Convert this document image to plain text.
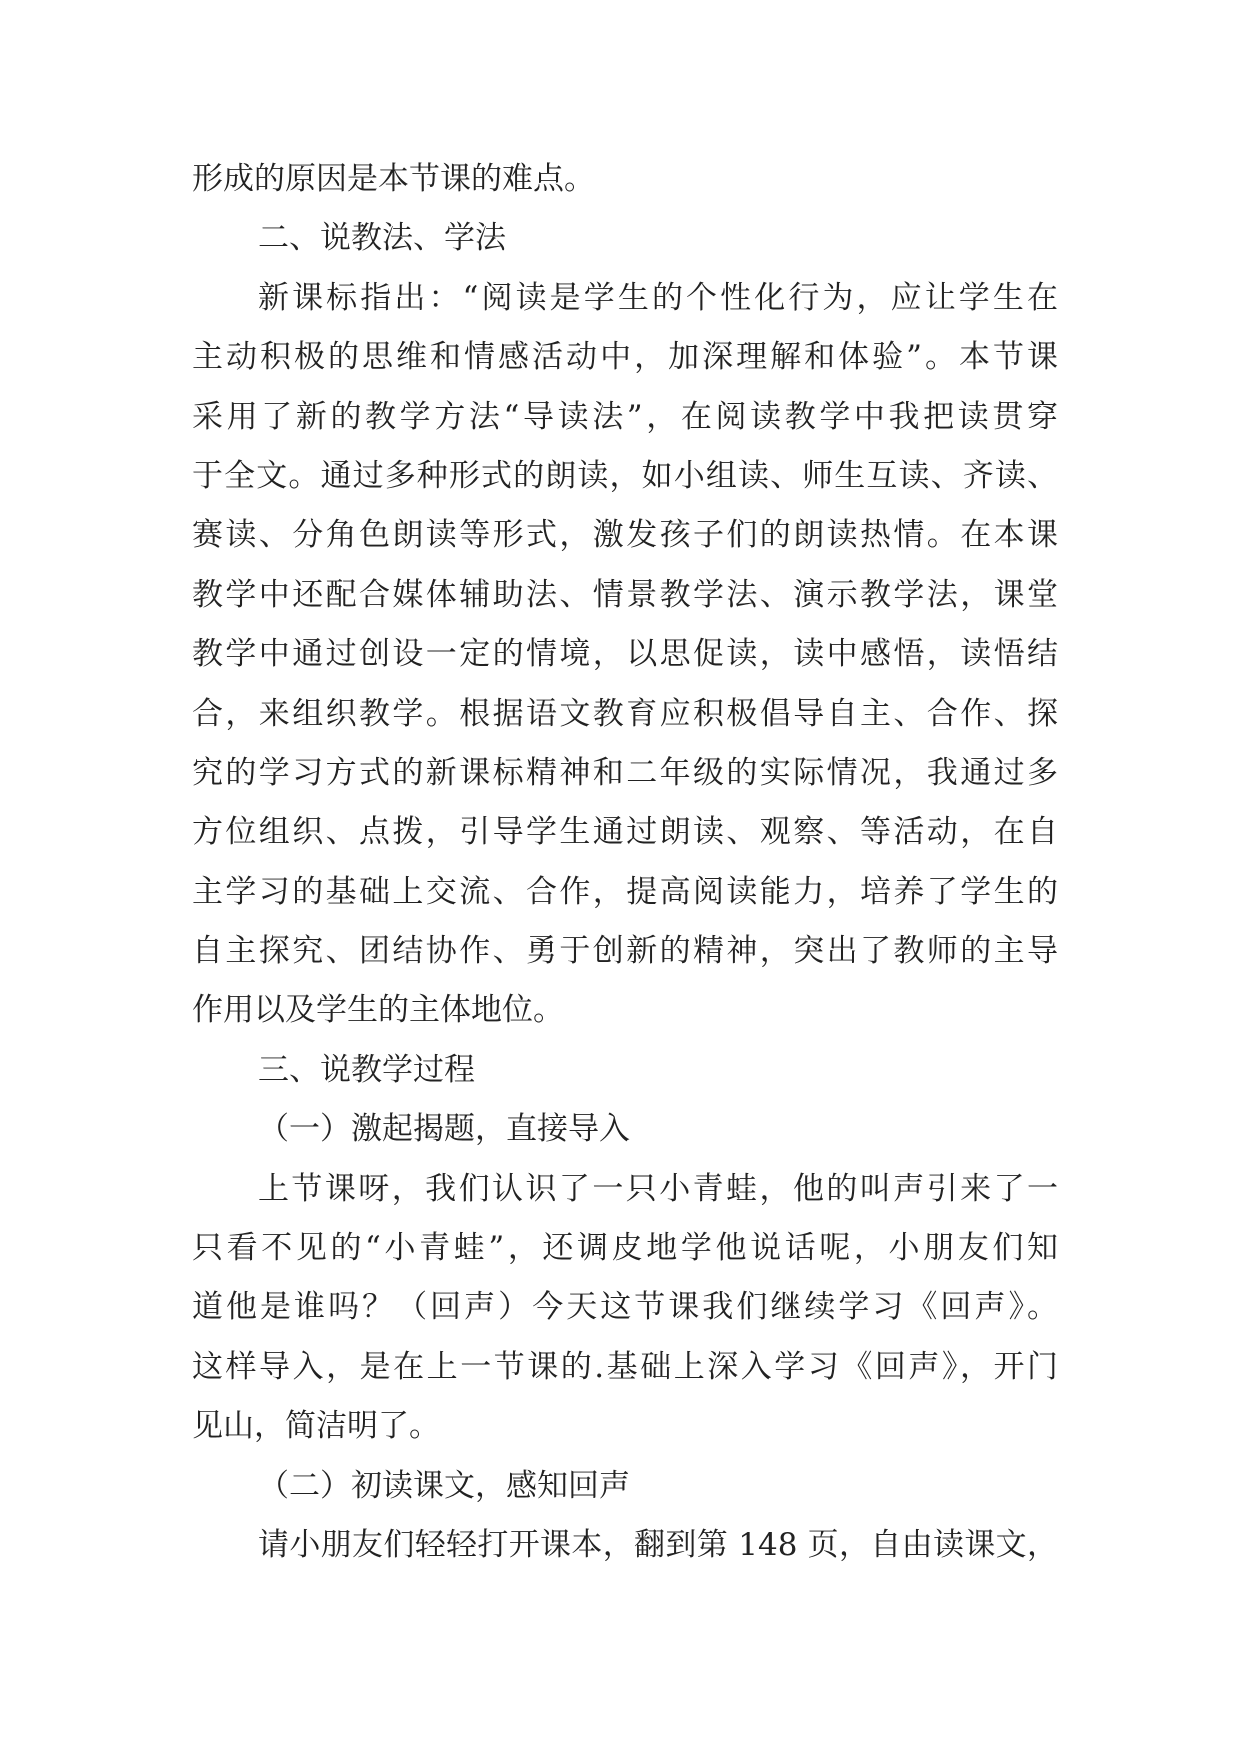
形成的原因是本节课的难点。
二、说教法、学法
新课标指出：“阅读是学生的个性化行为，应让学生在
主动积极的思维和情感活动中，加深理解和体验”。本节课
采用了新的教学方法“导读法”，在阅读教学中我把读贯穿
于全文。通过多种形式的朗读，如小组读、师生互读、齐读、
赛读、分角色朗读等形式，激发孩子们的朗读热情。在本课
教学中还配合媒体辅助法、情景教学法、演示教学法，课堂
教学中通过创设一定的情境，以思促读，读中感悟，读悟结
合，来组织教学。根据语文教育应积极倡导自主、合作、探
究的学习方式的新课标精神和二年级的实际情况，我通过多
方位组织、点拨，引导学生通过朗读、观察、等活动，在自
主学习的基础上交流、合作，提高阅读能力，培养了学生的
自主探究、团结协作、勇于创新的精神，突出了教师的主导
作用以及学生的主体地位。
三、说教学过程
（一）激起揭题，直接导入
上节课呀，我们认识了一只小青蛙，他的叫声引来了一
只看不见的“小青蛙”，还调皮地学他说话呢，小朋友们知
道他是谁吗？（回声）今天这节课我们继续学习《回声》。
这样导入，是在上一节课的.基础上深入学习《回声》，开门
见山，简洁明了。
（二）初读课文，感知回声
请小朋友们轻轻打开课本，翻到第 148 页，自由读课文，
